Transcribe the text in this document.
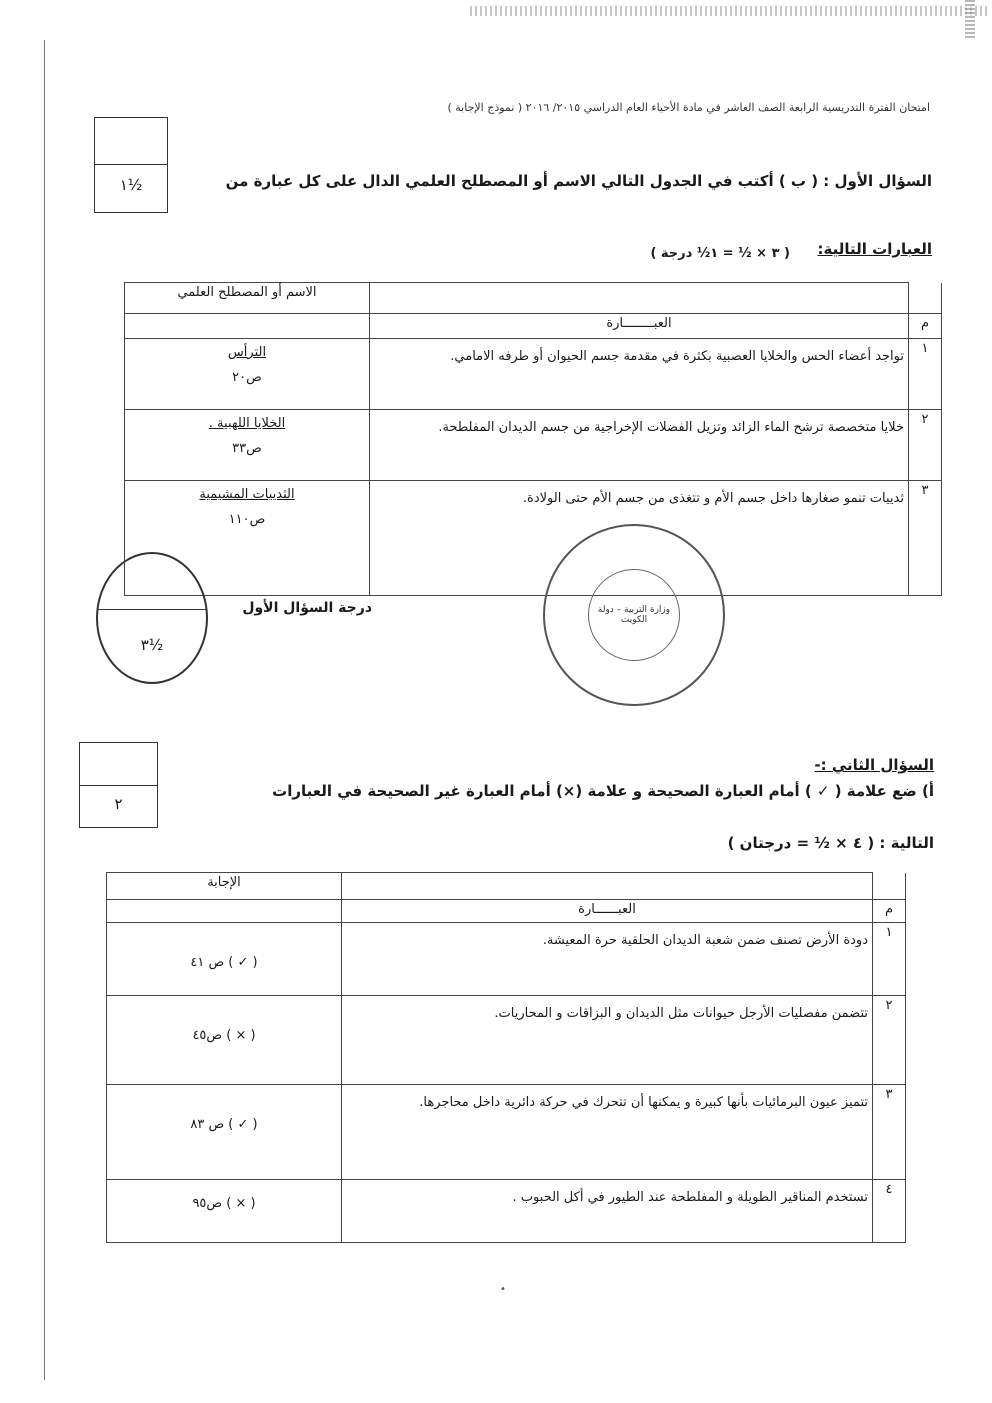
امتحان الفترة التدريسية الرابعة الصف العاشر في مادة الأحياء العام الدراسي ٢٠١٥/ ٢٠١٦ ( نموذج الإجابة )
١½	السؤال الأول : ( ب ) أكتب في الجدول التالي الاسم أو المصطلح العلمي الدال على كل عبارة من
العبارات التالية:
( ٣ × ½ = ١½ درجة )
		الاسم أو المصطلح العلمي
م	العبــــــــارة	
١	تواجد أعضاء الحس والخلايا العصبية بكثرة في مقدمة جسم الحيوان أو طرفه الامامي.	الترأس
ص٢٠

٢	خلايا متخصصة ترشح الماء الزائد وتزيل الفضلات الإخراجية من جسم الديدان المفلطحة.	الخلايا اللهبية .
ص٣٣

٣	ثدييات تنمو صغارها داخل جسم الأم و تتغذى من جسم الأم حتى الولادة.	الثدييات المشيمية
ص١١٠
٣½
درجة السؤال الأول	وزارة التربية – دولة الكويت
٢
السؤال الثاني :-
أ) ضع علامة ( ✓ ) أمام العبارة الصحيحة و علامة (×) أمام العبارة غير الصحيحة في العبارات
التالية : ( ٤ × ½ = درجتان )
		الإجابة
م	العبــــــارة	
١	دودة الأرض تصنف ضمن شعبة الديدان الحلقية حرة المعيشة.	( ✓ ) ص ٤١

٢	تتضمن مفصليات الأرجل حيوانات مثل الديدان و البزاقات و المحاريات.	( × ) ص٤٥

٣	تتميز عيون البرمائيات بأنها كبيرة و يمكنها أن تتحرك في حركة دائرية داخل محاجرها.	( ✓ ) ص ٨٣

٤	تستخدم المناقير الطويلة و المفلطحة عند الطيور في أكل الحبوب .	( × ) ص٩٥
•
